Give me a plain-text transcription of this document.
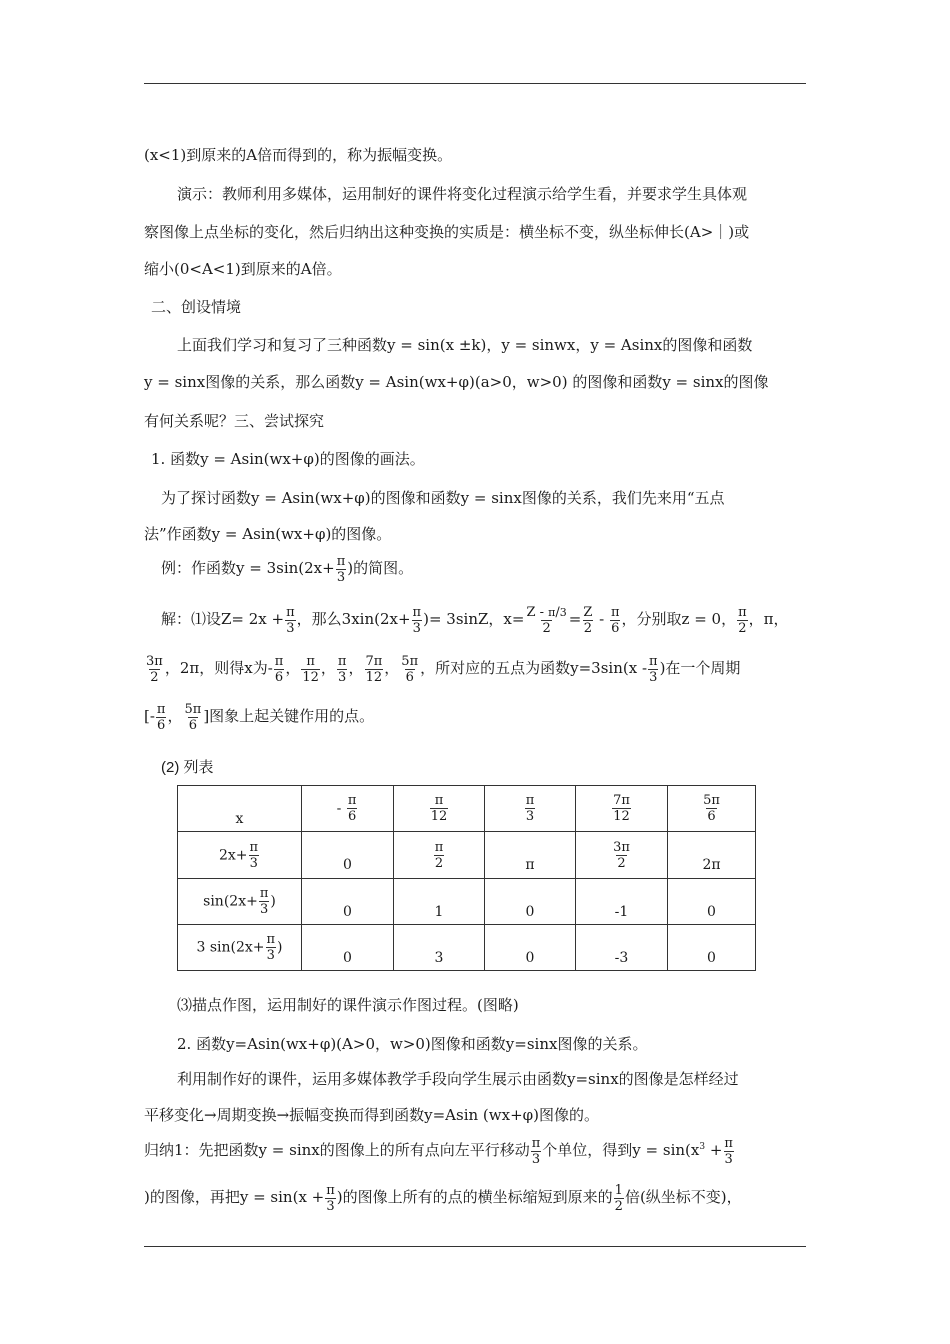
(x<1)到原来的A倍而得到的，称为振幅变换。
演示：教师利用多媒体，运用制好的课件将变化过程演示给学生看，并要求学生具体观
察图像上点坐标的变化，然后归纳出这种变换的实质是：横坐标不变，纵坐标伸长(A>｜)或
缩小(0<A<1)到原来的A倍。
二、创设情境
上面我们学习和复习了三种函数y = sin(x ±k)，y = sinwx，y = Asinx的图像和函数
y = sinx图像的关系，那么函数y = Asin(wx+φ)(a>0，w>0) 的图像和函数y = sinx的图像
有何关系呢？三、尝试探究
1. 函数y = Asin(wx+φ)的图像的画法。
为了探讨函数y = Asin(wx+φ)的图像和函数y = sinx图像的关系，我们先来用“五点
法”作函数y = Asin(wx+φ)的图像。
例：作函数$y = 3\sin(2x+ \frac{\pi}{3}$ )的简图。
解：⑴设$Z= 2x + \frac{\pi}{3}$ ，那么$3xin(2x+ \frac{\pi}{3}$ )= 3sinZ，$x= \frac{Z - \pi/3}{2} = \frac{Z}{2} - \frac{\pi}{6}$ ，分别取z = 0， $\frac{\pi}{2}$ ，π，
$\frac{3\pi}{2}$ ，2π，则得x为- $\frac{\pi}{6}$ ， $\frac{\pi}{12}$ ， $\frac{\pi}{3}$ ， $\frac{7\pi}{12}$ ， $\frac{5\pi}{6}$ ，所对应的五点为函数$y=3\sin(x - \frac{\pi}{3}$ )在一个周期
[- $\frac{\pi}{6}$ ， $\frac{5\pi}{6}$ ]图象上起关键作用的点。
(2) 列表
x	- $\frac{\pi}{6}$	$\frac{\pi}{12}$	$\frac{\pi}{3}$	$\frac{7\pi}{12}$	$\frac{5\pi}{6}$

$2x+ \frac{\pi}{3}$	0	$\frac{\pi}{2}$	π	$\frac{3\pi}{2}$	2π
$\sin(2x+ \frac{\pi}{3}$ )	0	1	0	-1	0
3 $\sin(2x+ \frac{\pi}{3}$ )	0	3	0	-3	0
⑶描点作图，运用制好的课件演示作图过程。(图略)
2. 函数y=Asin(wx+φ)(A>0，w>0)图像和函数y=sinx图像的关系。
利用制作好的课件，运用多媒体教学手段向学生展示由函数y=sinx的图像是怎样经过
平移变化→周期变换→振幅变换而得到函数y=Asin (wx+φ)图像的。
归纳1：先把函数y = sinx的图像上的所有点向左平行移动 $\frac{\pi}{3}$ 个单位，得到$y = \sin(x^3 + \frac{\pi}{3}$
)的图像，再把$y = \sin(x + \frac{\pi}{3}$ )的图像上所有的点的横坐标缩短到原来的 $\frac{1}{2}$ 倍(纵坐标不变)，
